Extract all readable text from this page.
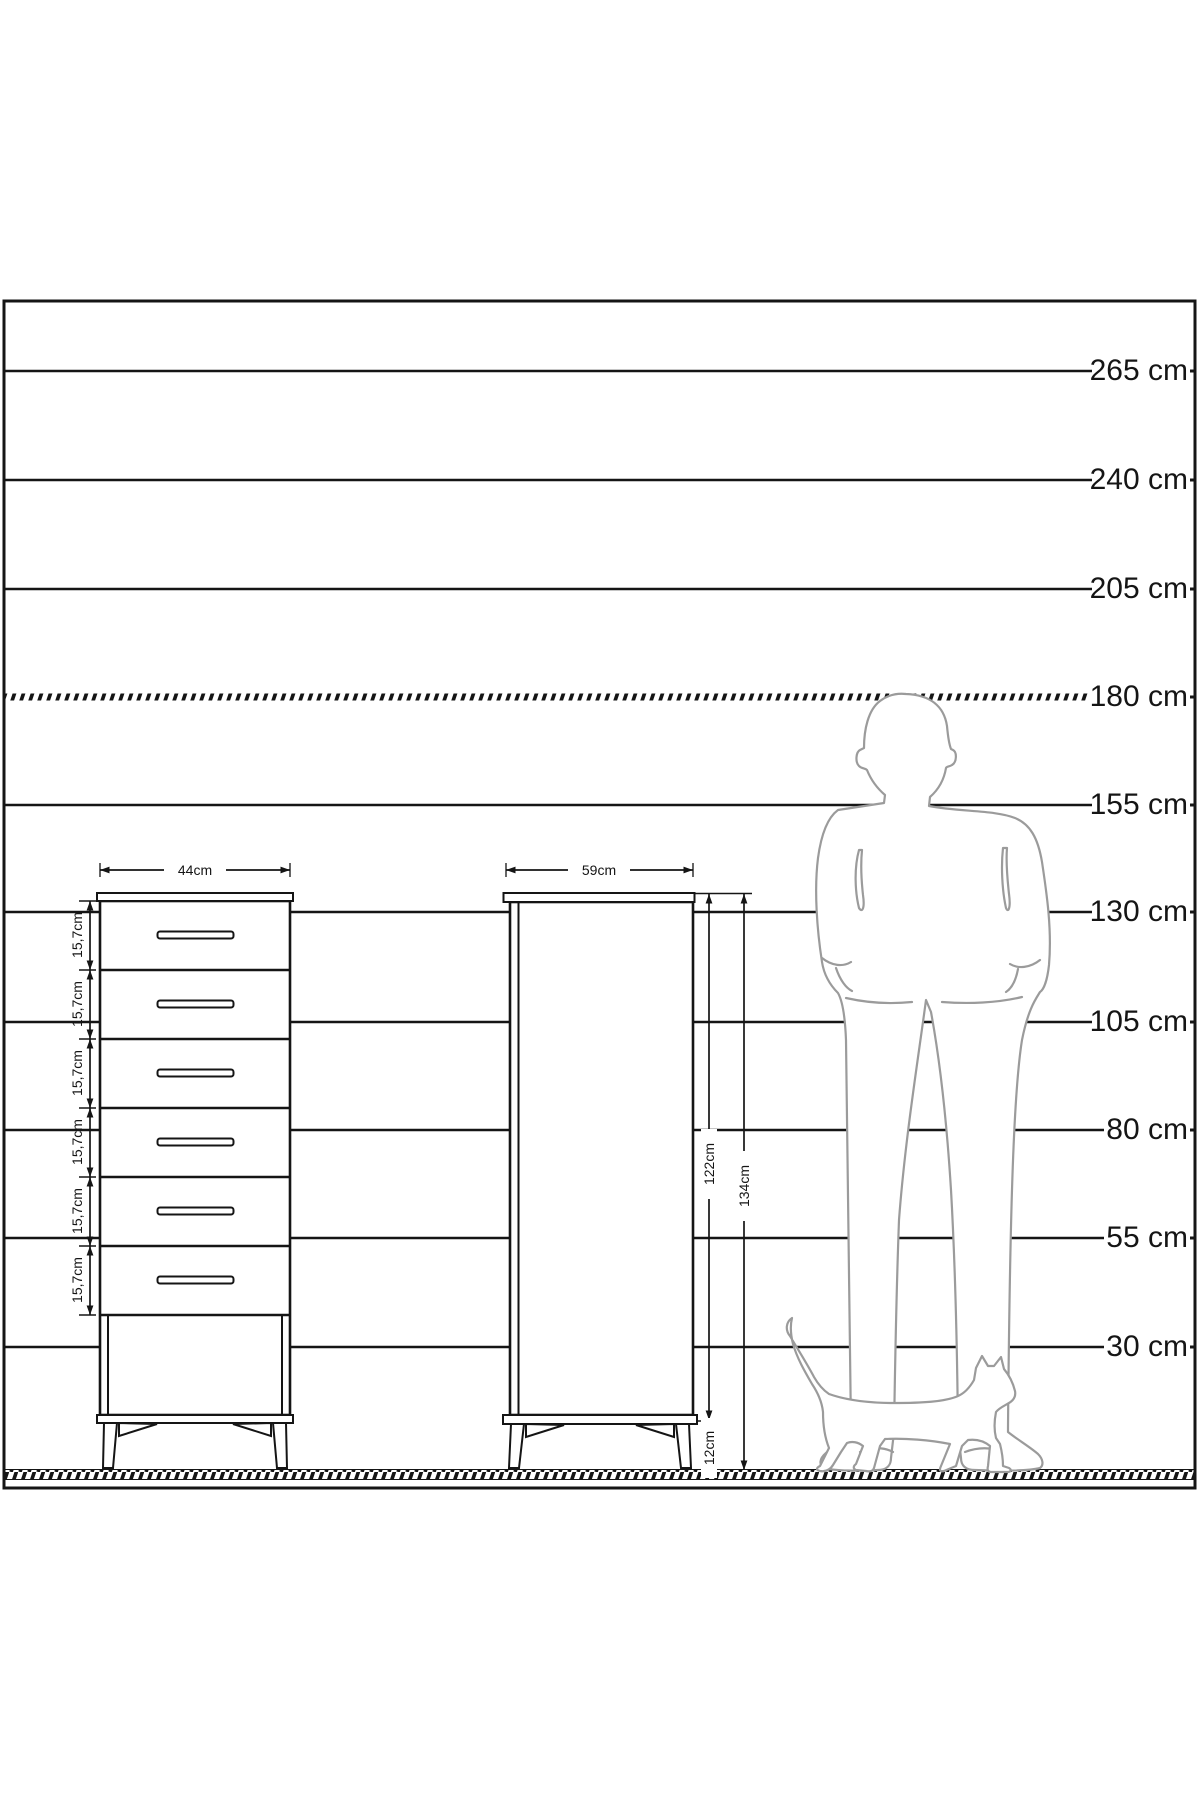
265 cm
240 cm
205 cm
180 cm
155 cm
130 cm
105 cm
80 cm
55 cm
30 cm
44cm	59cm
15,7cm
15,7cm
15,7cm
15,7cm
15,7cm
15,7cm
122cm
134cm
12cm
